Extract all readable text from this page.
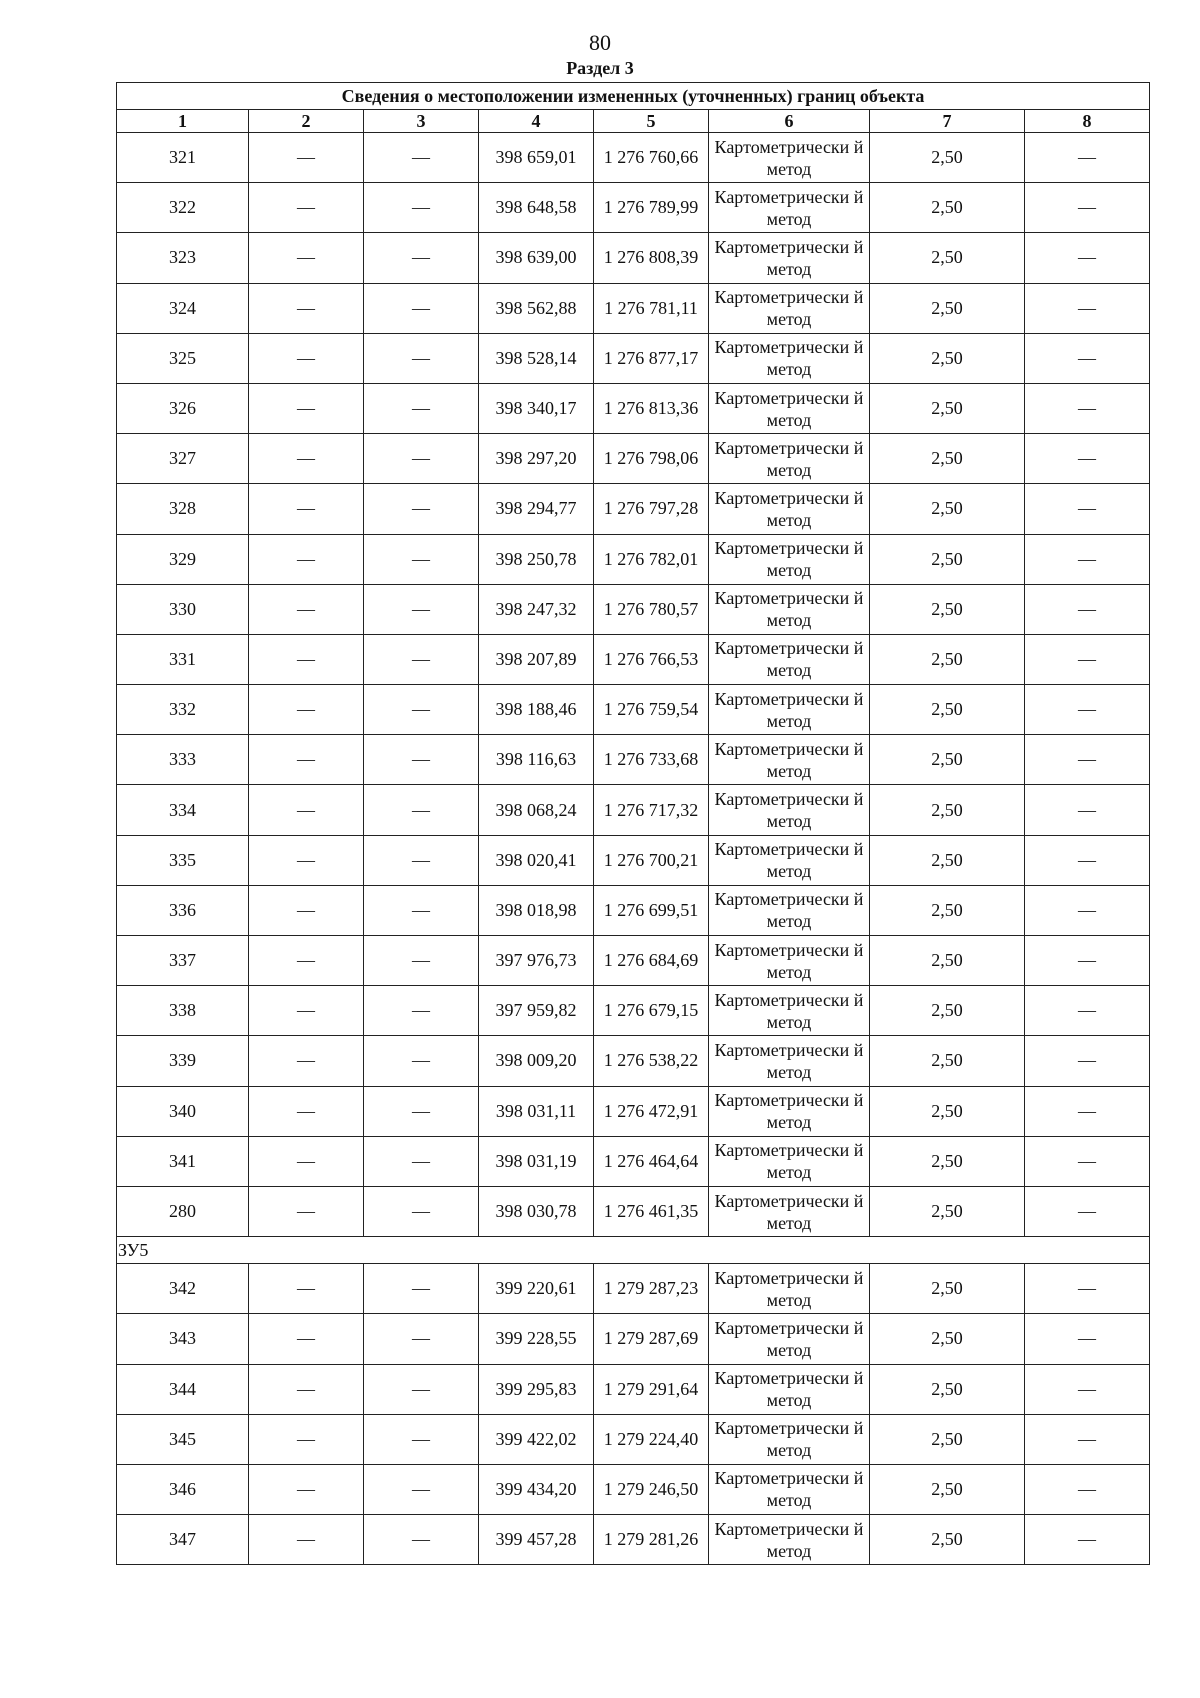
80
Раздел 3
Сведения о местоположении измененных (уточненных) границ объекта							
1	2	3	4	5	6	7	8
321	—	—	398 659,01	1 276 760,66	Картометрически й метод	2,50	—
322	—	—	398 648,58	1 276 789,99	Картометрически й метод	2,50	—
323	—	—	398 639,00	1 276 808,39	Картометрически й метод	2,50	—
324	—	—	398 562,88	1 276 781,11	Картометрически й метод	2,50	—
325	—	—	398 528,14	1 276 877,17	Картометрически й метод	2,50	—
326	—	—	398 340,17	1 276 813,36	Картометрически й метод	2,50	—
327	—	—	398 297,20	1 276 798,06	Картометрически й метод	2,50	—
328	—	—	398 294,77	1 276 797,28	Картометрически й метод	2,50	—
329	—	—	398 250,78	1 276 782,01	Картометрически й метод	2,50	—
330	—	—	398 247,32	1 276 780,57	Картометрически й метод	2,50	—
331	—	—	398 207,89	1 276 766,53	Картометрически й метод	2,50	—
332	—	—	398 188,46	1 276 759,54	Картометрически й метод	2,50	—
333	—	—	398 116,63	1 276 733,68	Картометрически й метод	2,50	—
334	—	—	398 068,24	1 276 717,32	Картометрически й метод	2,50	—
335	—	—	398 020,41	1 276 700,21	Картометрически й метод	2,50	—
336	—	—	398 018,98	1 276 699,51	Картометрически й метод	2,50	—
337	—	—	397 976,73	1 276 684,69	Картометрически й метод	2,50	—
338	—	—	397 959,82	1 276 679,15	Картометрически й метод	2,50	—
339	—	—	398 009,20	1 276 538,22	Картометрически й метод	2,50	—
340	—	—	398 031,11	1 276 472,91	Картометрически й метод	2,50	—
341	—	—	398 031,19	1 276 464,64	Картометрически й метод	2,50	—
280	—	—	398 030,78	1 276 461,35	Картометрически й метод	2,50	—
ЗУ5							
342	—	—	399 220,61	1 279 287,23	Картометрически й метод	2,50	—
343	—	—	399 228,55	1 279 287,69	Картометрически й метод	2,50	—
344	—	—	399 295,83	1 279 291,64	Картометрически й метод	2,50	—
345	—	—	399 422,02	1 279 224,40	Картометрически й метод	2,50	—
346	—	—	399 434,20	1 279 246,50	Картометрически й метод	2,50	—
347	—	—	399 457,28	1 279 281,26	Картометрически й метод	2,50	—
